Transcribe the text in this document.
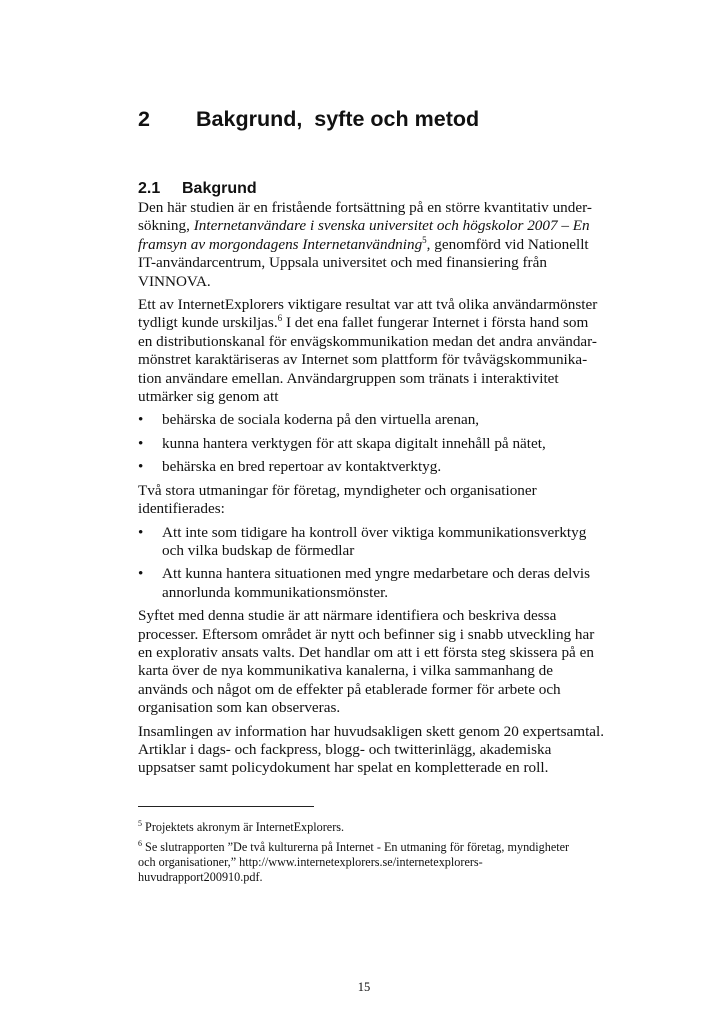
2 Bakgrund,  syfte och metod
2.1 Bakgrund

Den här studien är en fristående fortsättning på en större kvantitativ under-
sökning, Internetanvändare i svenska universitet och högskolor 2007 – En
framsyn av morgondagens Internetanvändning$^5$, genomförd vid Nationellt
IT-användarcentrum, Uppsala universitet och med finansiering från
VINNOVA.

Ett av InternetExplorers viktigare resultat var att två olika användarmönster
tydligt kunde urskiljas.$^6$ I det ena fallet fungerar Internet i första hand som
en distributionskanal för envägskommunikation medan det andra användar-
mönstret karaktäriseras av Internet som plattform för tvåvägskommunika-
tion användare emellan. Användargruppen som tränats i interaktivitet
utmärker sig genom att

• behärska de sociala koderna på den virtuella arenan,
• kunna hantera verktygen för att skapa digitalt innehåll på nätet,
• behärska en bred repertoar av kontaktverktyg.

Två stora utmaningar för företag, myndigheter och organisationer
identifierades:

• Att inte som tidigare ha kontroll över viktiga kommunikationsverktyg
och vilka budskap de förmedlar
• Att kunna hantera situationen med yngre medarbetare och deras delvis
annorlunda kommunikationsmönster.

Syftet med denna studie är att närmare identifiera och beskriva dessa
processer. Eftersom området är nytt och befinner sig i snabb utveckling har
en explorativ ansats valts. Det handlar om att i ett första steg skissera på en
karta över de nya kommunikativa kanalerna, i vilka sammanhang de
används och något om de effekter på etablerade former för arbete och
organisation som kan observeras.

Insamlingen av information har huvudsakligen skett genom 20 expertsamtal.
Artiklar i dags- och fackpress, blogg- och twitterinlägg, akademiska
uppsatser samt policydokument har spelat en kompletterade en roll.

$^5$ Projektets akronym är InternetExplorers.

$^6$ Se slutrapporten ”De två kulturerna på Internet - En utmaning för företag, myndigheter
och organisationer,” http://www.internetexplorers.se/internetexplorers-
huvudrapport200910.pdf.

15
